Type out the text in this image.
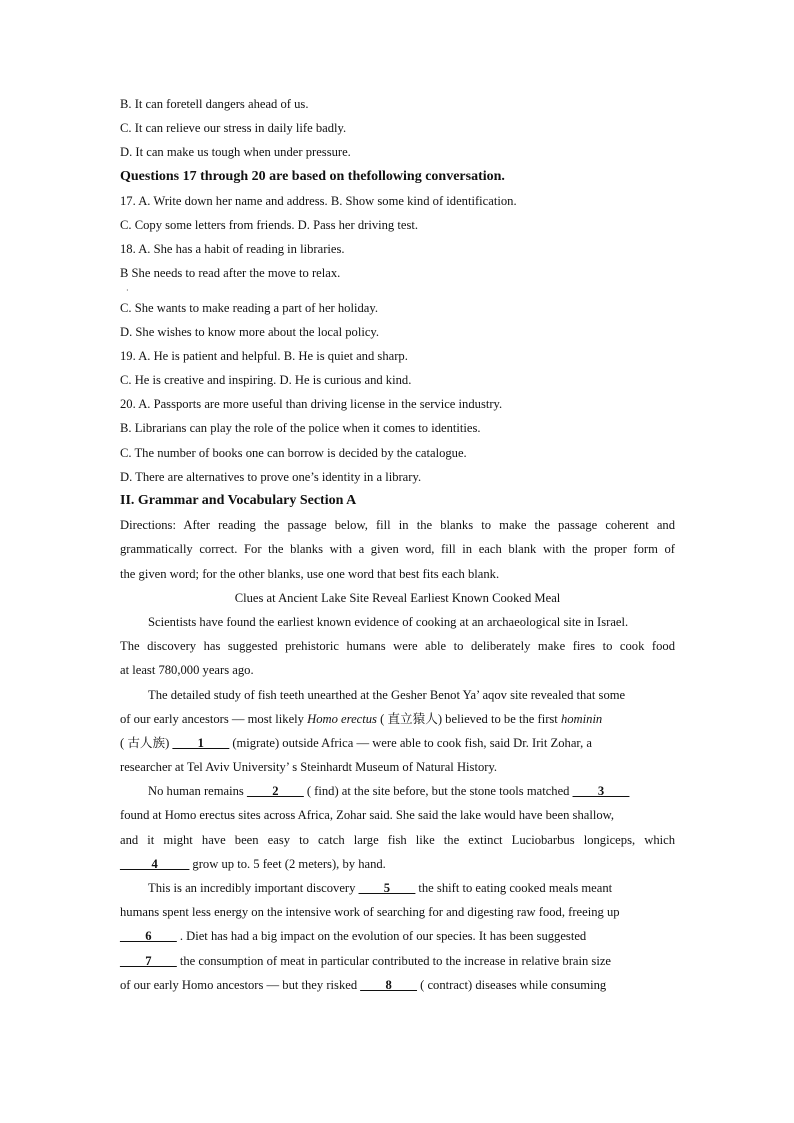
B. It can foretell dangers ahead of us.
C. It can relieve our stress in daily life badly.
D. It can make us tough when under pressure.
Questions 17 through 20 are based on thefollowing conversation.
17. A. Write down her name and address. B. Show some kind of identification.
C. Copy some letters from friends. D. Pass her driving test.
18. A. She has a habit of reading in libraries.
B She needs to read after the move to relax.
·
C. She wants to make reading a part of her holiday.
D. She wishes to know more about the local policy.
19. A. He is patient and helpful. B. He is quiet and sharp.
C. He is creative and inspiring. D. He is curious and kind.
20. A. Passports are more useful than driving license in the service industry.
B. Librarians can play the role of the police when it comes to identities.
C. The number of books one can borrow is decided by the catalogue.
D. There are alternatives to prove one’s identity in a library.
II. Grammar and Vocabulary Section A
Directions: After reading the passage below, fill in the blanks to make the passage coherent and
grammatically correct. For the blanks with a given word, fill in each blank with the proper form of
the given word; for the other blanks, use one word that best fits each blank.
Clues at Ancient Lake Site Reveal Earliest Known Cooked Meal
Scientists have found the earliest known evidence of cooking at an archaeological site in Israel.
The discovery has suggested prehistoric humans were able to deliberately make fires to cook food
at least 780,000 years ago.
The detailed study of fish teeth unearthed at the Gesher Benot Ya’ aqov site revealed that some
of our early ancestors — most likely Homo erectus ( 直立猿人) believed to be the first hominin
( 古人族) ____1____ (migrate) outside Africa — were able to cook fish, said Dr. Irit Zohar, a
researcher at Tel Aviv University’ s Steinhardt Museum of Natural History.
No human remains ____2____ ( find) at the site before, but the stone tools matched ____3____
found at Homo erectus sites across Africa, Zohar said. She said the lake would have been shallow,
and it might have been easy to catch large fish like the extinct Luciobarbus longiceps, which
_____4_____ grow up to. 5 feet (2 meters), by hand.
This is an incredibly important discovery ____5____ the shift to eating cooked meals meant
humans spent less energy on the intensive work of searching for and digesting raw food, freeing up
____6____ . Diet has had a big impact on the evolution of our species. It has been suggested
____7____ the consumption of meat in particular contributed to the increase in relative brain size
of our early Homo ancestors — but they risked ____8____ ( contract) diseases while consuming
